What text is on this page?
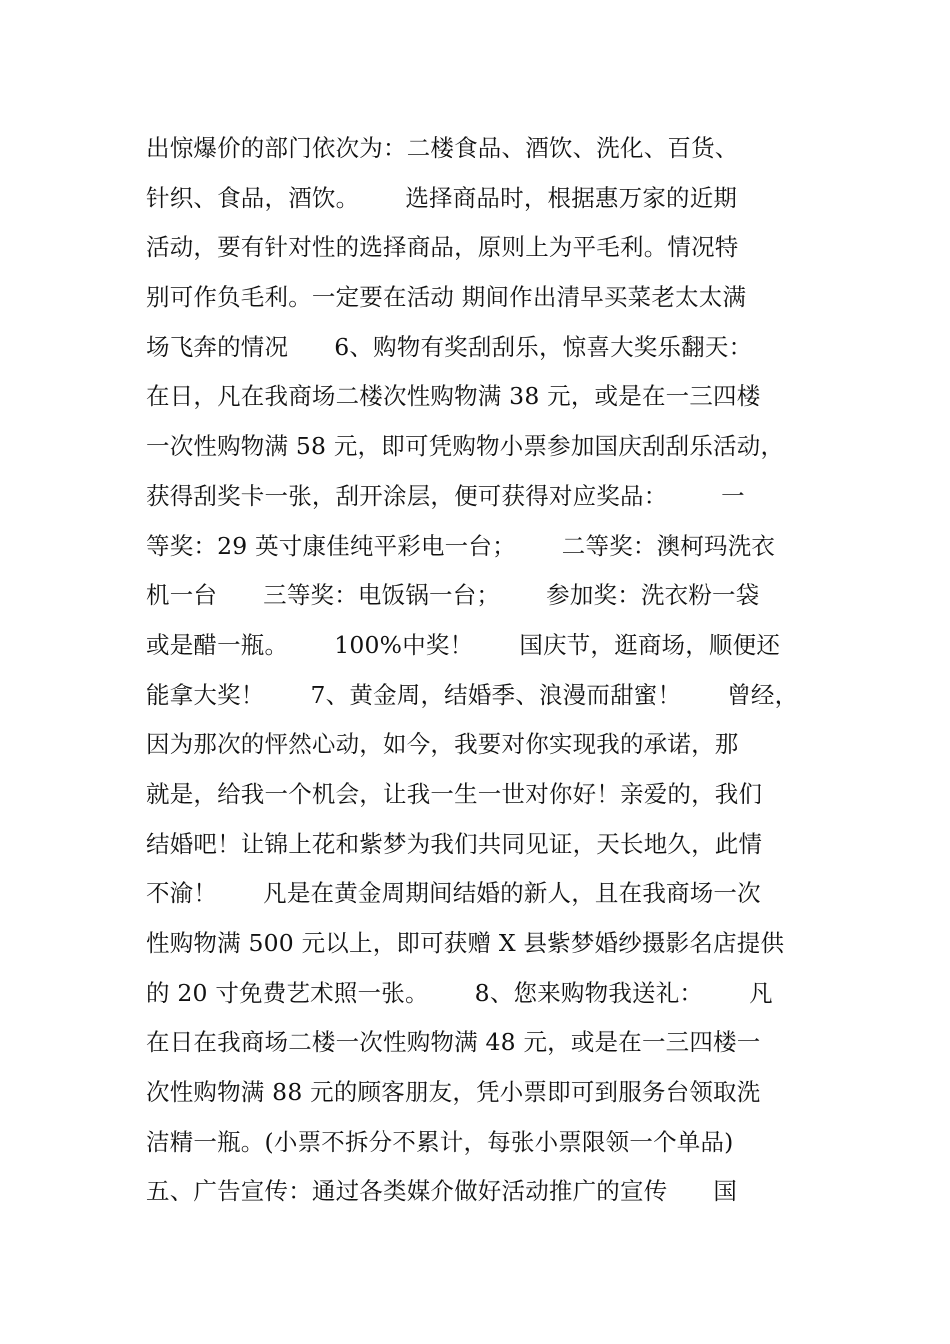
出惊爆价的部门依次为：二楼食品、酒饮、洗化、百货、
针织、食品，酒饮。      选择商品时，根据惠万家的近期
活动，要有针对性的选择商品，原则上为平毛利。情况特
别可作负毛利。一定要在活动 期间作出清早买菜老太太满
场飞奔的情况      6、购物有奖刮刮乐，惊喜大奖乐翻天：
在日，凡在我商场二楼次性购物满 38 元，或是在一三四楼
一次性购物满 58 元，即可凭购物小票参加国庆刮刮乐活动，
获得刮奖卡一张，刮开涂层，便可获得对应奖品：       一
等奖：29 英寸康佳纯平彩电一台；      二等奖：澳柯玛洗衣
机一台      三等奖：电饭锅一台；      参加奖：洗衣粉一袋
或是醋一瓶。      100%中奖！      国庆节，逛商场，顺便还
能拿大奖！      7、黄金周，结婚季、浪漫而甜蜜！      曾经，
因为那次的怦然心动，如今，我要对你实现我的承诺，那
就是，给我一个机会，让我一生一世对你好！亲爱的，我们
结婚吧！让锦上花和紫梦为我们共同见证，天长地久，此情
不渝！      凡是在黄金周期间结婚的新人，且在我商场一次
性购物满 500 元以上，即可获赠 X 县紫梦婚纱摄影名店提供
的 20 寸免费艺术照一张。      8、您来购物我送礼：      凡
在日在我商场二楼一次性购物满 48 元，或是在一三四楼一
次性购物满 88 元的顾客朋友，凭小票即可到服务台领取洗
洁精一瓶。(小票不拆分不累计，每张小票限领一个单品)
五、广告宣传：通过各类媒介做好活动推广的宣传      国
